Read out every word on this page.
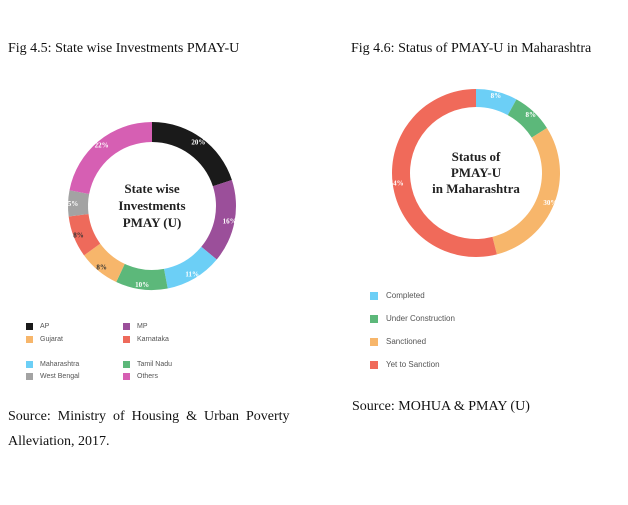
Fig 4.5: State wise Investments PMAY-U
20%
16%
11%
10%
8%
8%
5%
22%
State wise
Investments
PMAY (U)
AP	MP
Gujarat	Karnataka
Maharashtra	Tamil Nadu
West Bengal	Others
Source:  Ministry  of  Housing  &  Urban  Poverty
Alleviation, 2017.
Fig 4.6: Status of PMAY-U in Maharashtra
8%
8%
30%
54%
Status of
PMAY-U
in Maharashtra
Completed
Under Construction
Sanctioned
Yet to Sanction
Source: MOHUA & PMAY (U)
